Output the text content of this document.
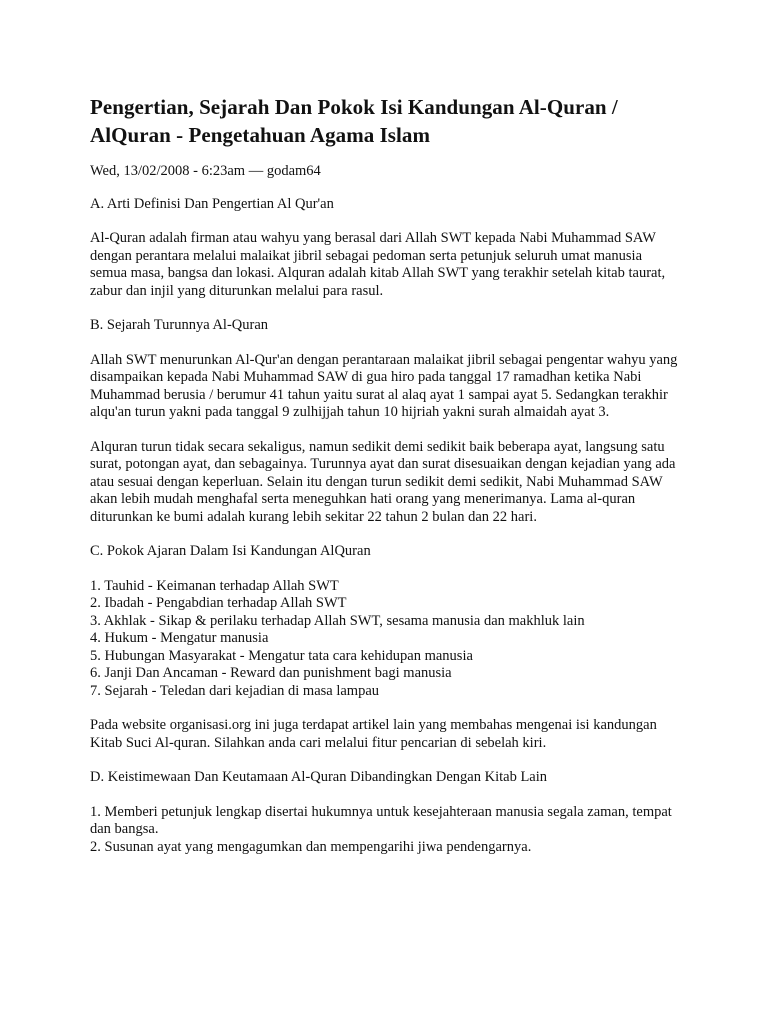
Pengertian, Sejarah Dan Pokok Isi Kandungan Al-Quran / AlQuran - Pengetahuan Agama Islam
Wed, 13/02/2008 - 6:23am — godam64
A. Arti Definisi Dan Pengertian Al Qur'an
Al-Quran adalah firman atau wahyu yang berasal dari Allah SWT kepada Nabi Muhammad SAW dengan perantara melalui malaikat jibril sebagai pedoman serta petunjuk seluruh umat manusia semua masa, bangsa dan lokasi. Alquran adalah kitab Allah SWT yang terakhir setelah kitab taurat, zabur dan injil yang diturunkan melalui para rasul.
B. Sejarah Turunnya Al-Quran
Allah SWT menurunkan Al-Qur'an dengan perantaraan malaikat jibril sebagai pengentar wahyu yang disampaikan kepada Nabi Muhammad SAW di gua hiro pada tanggal 17 ramadhan ketika Nabi Muhammad berusia / berumur 41 tahun yaitu surat al alaq ayat 1 sampai ayat 5. Sedangkan terakhir alqu'an turun yakni pada tanggal 9 zulhijjah tahun 10 hijriah yakni surah almaidah ayat 3.
Alquran turun tidak secara sekaligus, namun sedikit demi sedikit baik beberapa ayat, langsung satu surat, potongan ayat, dan sebagainya. Turunnya ayat dan surat disesuaikan dengan kejadian yang ada atau sesuai dengan keperluan. Selain itu dengan turun sedikit demi sedikit, Nabi Muhammad SAW akan lebih mudah menghafal serta meneguhkan hati orang yang menerimanya. Lama al-quran diturunkan ke bumi adalah kurang lebih sekitar 22 tahun 2 bulan dan 22 hari.
C. Pokok Ajaran Dalam Isi Kandungan AlQuran
1. Tauhid - Keimanan terhadap Allah SWT
2. Ibadah - Pengabdian terhadap Allah SWT
3. Akhlak - Sikap & perilaku terhadap Allah SWT, sesama manusia dan makhluk lain
4. Hukum - Mengatur manusia
5. Hubungan Masyarakat - Mengatur tata cara kehidupan manusia
6. Janji Dan Ancaman - Reward dan punishment bagi manusia
7. Sejarah - Teledan dari kejadian di masa lampau
Pada website organisasi.org ini juga terdapat artikel lain yang membahas mengenai isi kandungan Kitab Suci Al-quran. Silahkan anda cari melalui fitur pencarian di sebelah kiri.
D. Keistimewaan Dan Keutamaan Al-Quran Dibandingkan Dengan Kitab Lain
1. Memberi petunjuk lengkap disertai hukumnya untuk kesejahteraan manusia segala zaman, tempat dan bangsa.
2. Susunan ayat yang mengagumkan dan mempengarihi jiwa pendengarnya.
